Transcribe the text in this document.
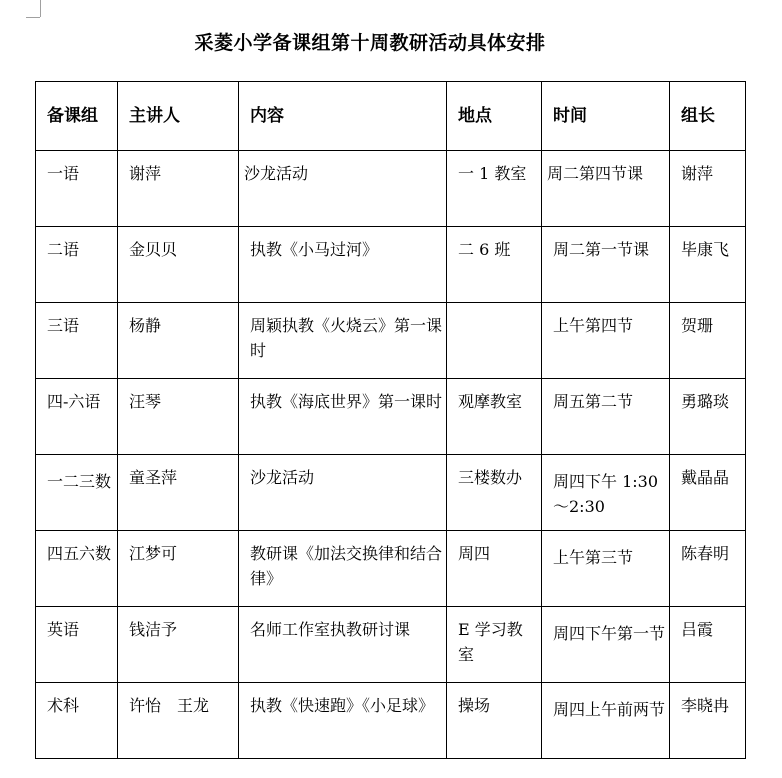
采菱小学备课组第十周教研活动具体安排
备课组	主讲人	内容	地点	时间	组长
一语	谢萍	沙龙活动	一 1 教室	周二第四节课	谢萍
二语	金贝贝	执教《小马过河》	二 6 班	周二第一节课	毕康飞
三语	杨静	周颖执教《火烧云》第一课时		上午第四节	贺珊
四-六语	汪琴	执教《海底世界》第一课时	观摩教室	周五第二节	勇璐琰
一二三数	童圣萍	沙龙活动	三楼数办	周四下午 1:30～2:30	戴晶晶
四五六数	江梦可	教研课《加法交换律和结合律》	周四	上午第三节	陈春明
英语	钱洁予	名师工作室执教研讨课	E 学习教室	周四下午第一节	吕霞
术科	许怡　王龙	执教《快速跑》《小足球》	操场	周四上午前两节	李晓冉
